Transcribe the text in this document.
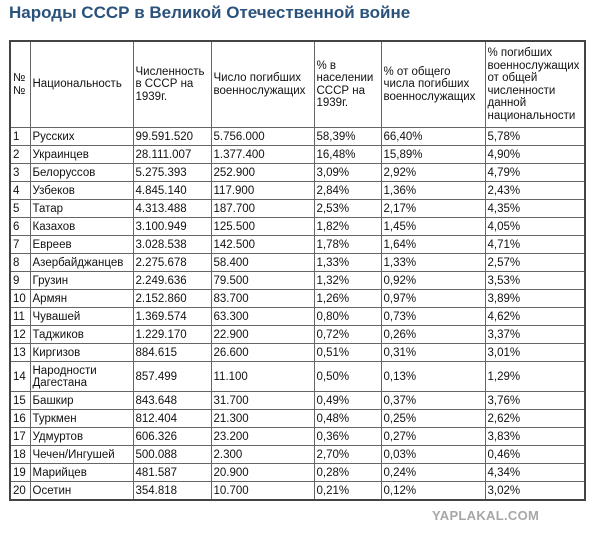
Народы СССР в Великой Отечественной войне
№ №	Национальность	Численность в СССР на 1939г.	Число погибших военнослужащих	% в населении СССР на 1939г.	% от общего числа погибших военнослужащих	% погибших военнослужащих от общей численности данной национальности
1	Русских	99.591.520	5.756.000	58,39%	66,40%	5,78%
2	Украинцев	28.111.007	1.377.400	16,48%	15,89%	4,90%
3	Белоруссов	5.275.393	252.900	3,09%	2,92%	4,79%
4	Узбеков	4.845.140	117.900	2,84%	1,36%	2,43%
5	Татар	4.313.488	187.700	2,53%	2,17%	4,35%
6	Казахов	3.100.949	125.500	1,82%	1,45%	4,05%
7	Евреев	3.028.538	142.500	1,78%	1,64%	4,71%
8	Азербайджанцев	2.275.678	58.400	1,33%	1,33%	2,57%
9	Грузин	2.249.636	79.500	1,32%	0,92%	3,53%
10	Армян	2.152.860	83.700	1,26%	0,97%	3,89%
11	Чувашей	1.369.574	63.300	0,80%	0,73%	4,62%
12	Таджиков	1.229.170	22.900	0,72%	0,26%	3,37%
13	Киргизов	884.615	26.600	0,51%	0,31%	3,01%
14	Народности Дагестана	857.499	11.100	0,50%	0,13%	1,29%
15	Башкир	843.648	31.700	0,49%	0,37%	3,76%
16	Туркмен	812.404	21.300	0,48%	0,25%	2,62%
17	Удмуртов	606.326	23.200	0,36%	0,27%	3,83%
18	Чечен/Ингушей	500.088	2.300	2,70%	0,03%	0,46%
19	Марийцев	481.587	20.900	0,28%	0,24%	4,34%
20	Осетин	354.818	10.700	0,21%	0,12%	3,02%
YAPLAKAL.COM
